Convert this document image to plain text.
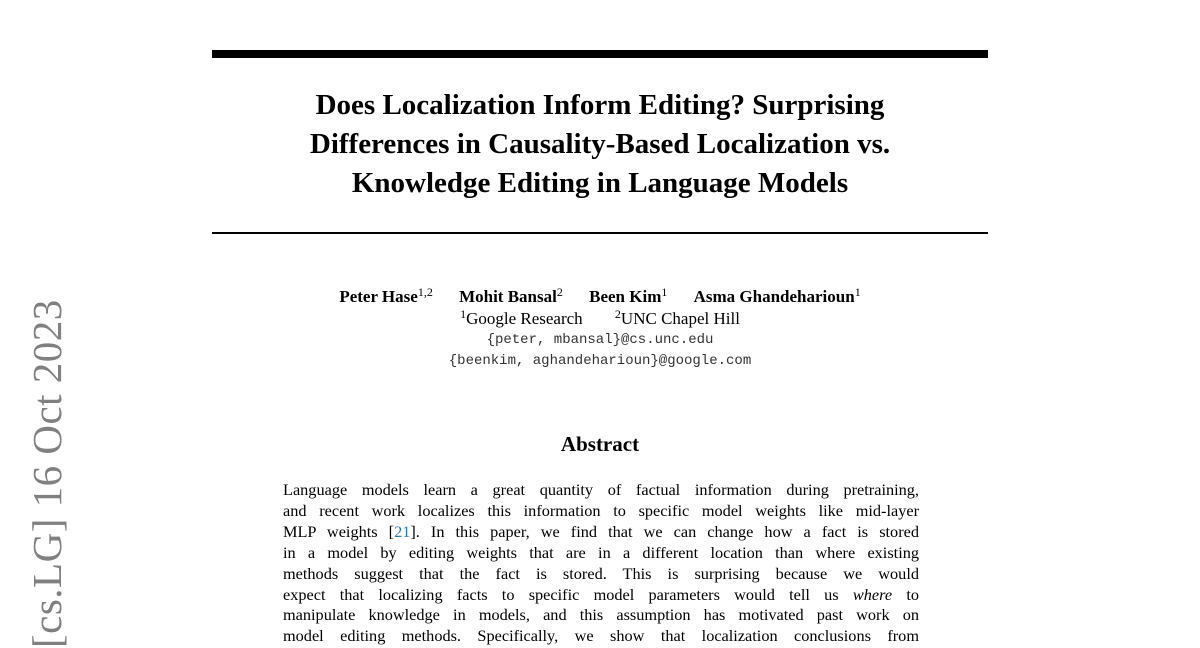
[cs.LG] 16 Oct 2023
Does Localization Inform Editing? Surprising
Differences in Causality-Based Localization vs.
Knowledge Editing in Language Models
Peter Hase$^{1,2}$ Mohit Bansal$^2$ Been Kim$^1$ Asma Ghandeharioun$^1$
$^1$Google Research	$^2$UNC Chapel Hill
{peter, mbansal}@cs.unc.edu
{beenkim, aghandeharioun}@google.com
Abstract
Language models learn a great quantity of factual information during pretraining,
and recent work localizes this information to specific model weights like mid-layer
MLP weights [21]. In this paper, we find that we can change how a fact is stored
in a model by editing weights that are in a different location than where existing
methods suggest that the fact is stored. This is surprising because we would
expect that localizing facts to specific model parameters would tell us where to
manipulate knowledge in models, and this assumption has motivated past work on
model editing methods. Specifically, we show that localization conclusions from
